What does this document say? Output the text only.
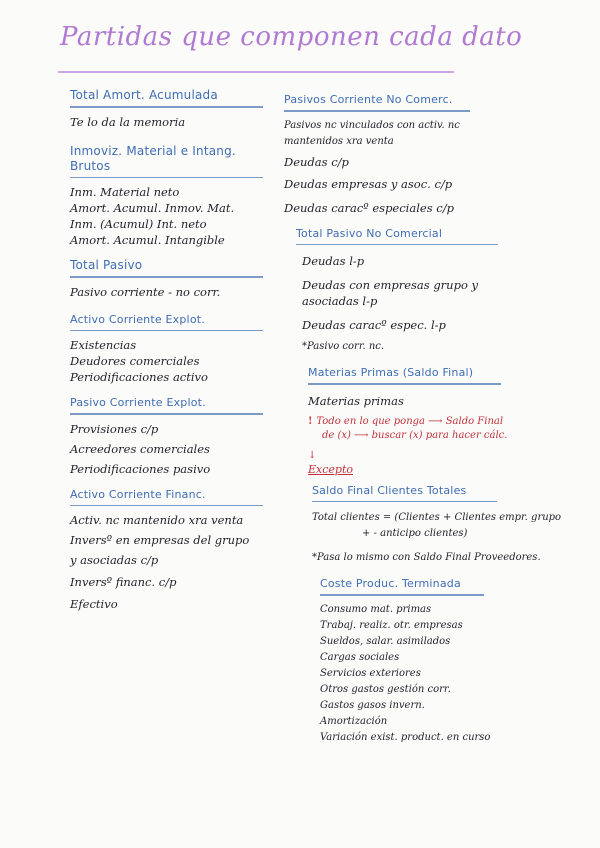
Partidas que componen cada dato
Total Amort. Acumulada
Te lo da la memoria
Inmoviz. Material e Intang. Brutos
Inm. Material neto
Amort. Acumul. Inmov. Mat.
Inm. (Acumul) Int. neto
Amort. Acumul. Intangible
Total Pasivo
Pasivo corriente - no corr.
Activo Corriente Explot.
Existencias
Deudores comerciales
Periodificaciones activo
Pasivo Corriente Explot.
Provisiones c/p
Acreedores comerciales
Periodificaciones pasivo
Activo Corriente Financ.
Activ. nc mantenido xra venta
Inversº en empresas del grupo
y asociadas c/p
Inversº financ. c/p
Efectivo
Pasivos Corriente No Comerc.
Pasivos nc vinculados con activ. nc
mantenidos xra venta
Deudas c/p
Deudas empresas y asoc. c/p
Deudas caracº especiales c/p
Total Pasivo No Comercial
Deudas l-p
Deudas con empresas grupo y
asociadas l-p
Deudas caracº espec. l-p
*Pasivo corr. nc.
Materias Primas (Saldo Final)
Materias primas
! Todo en lo que ponga ⟶ Saldo Final
de (x) ⟶ buscar (x) para hacer cálc.
↓
Excepto
Saldo Final Clientes Totales
Total clientes = (Clientes + Clientes empr. grupo
+ - anticipo clientes)
*Pasa lo mismo con Saldo Final Proveedores.
Coste Produc. Terminada
Consumo mat. primas
Trabaj. realiz. otr. empresas
Sueldos, salar. asimilados
Cargas sociales
Servicios exteriores
Otros gastos gestión corr.
Gastos gasos invern.
Amortización
Variación exist. product. en curso
